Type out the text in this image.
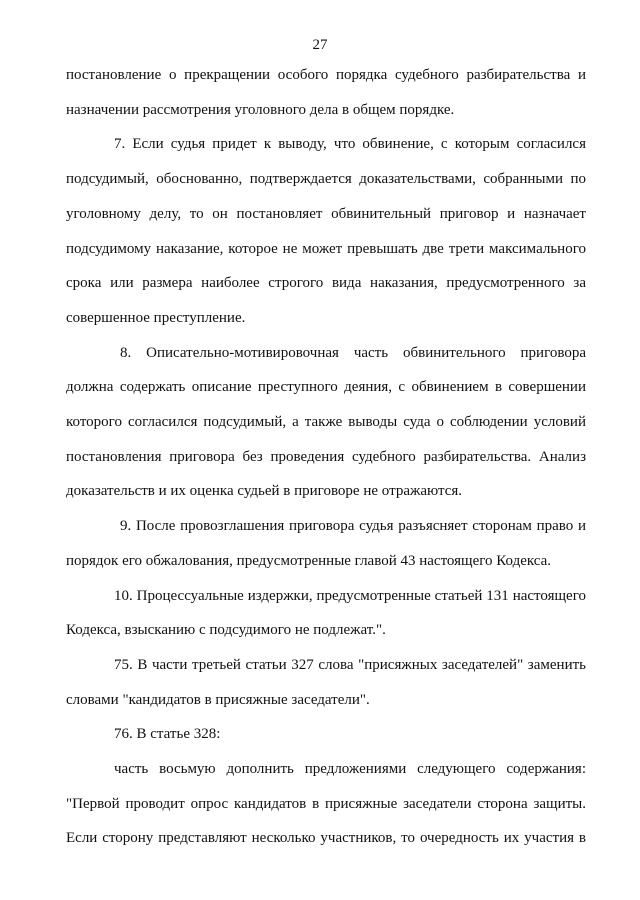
27

постановление о прекращении особого порядка судебного разбирательства и назначении рассмотрения уголовного дела в общем порядке.

7. Если судья придет к выводу, что обвинение, с которым согласился подсудимый, обоснованно, подтверждается доказательствами, собранными по уголовному делу, то он постановляет обвинительный приговор и назначает подсудимому наказание, которое не может превышать две трети максимального срока или размера наиболее строгого вида наказания, предусмотренного за совершенное преступление.

8. Описательно-мотивировочная часть обвинительного приговора должна содержать описание преступного деяния, с обвинением в совершении которого согласился подсудимый, а также выводы суда о соблюдении условий постановления приговора без проведения судебного разбирательства. Анализ доказательств и их оценка судьей в приговоре не отражаются.

9. После провозглашения приговора судья разъясняет сторонам право и порядок его обжалования, предусмотренные главой 43 настоящего Кодекса.

10. Процессуальные издержки, предусмотренные статьей 131 настоящего Кодекса, взысканию с подсудимого не подлежат.".

75. В части третьей статьи 327 слова "присяжных заседателей" заменить словами "кандидатов в присяжные заседатели".

76. В статье 328:

часть восьмую дополнить предложениями следующего содержания: "Первой проводит опрос кандидатов в присяжные заседатели сторона защиты. Если сторону представляют несколько участников, то очередность их участия в
